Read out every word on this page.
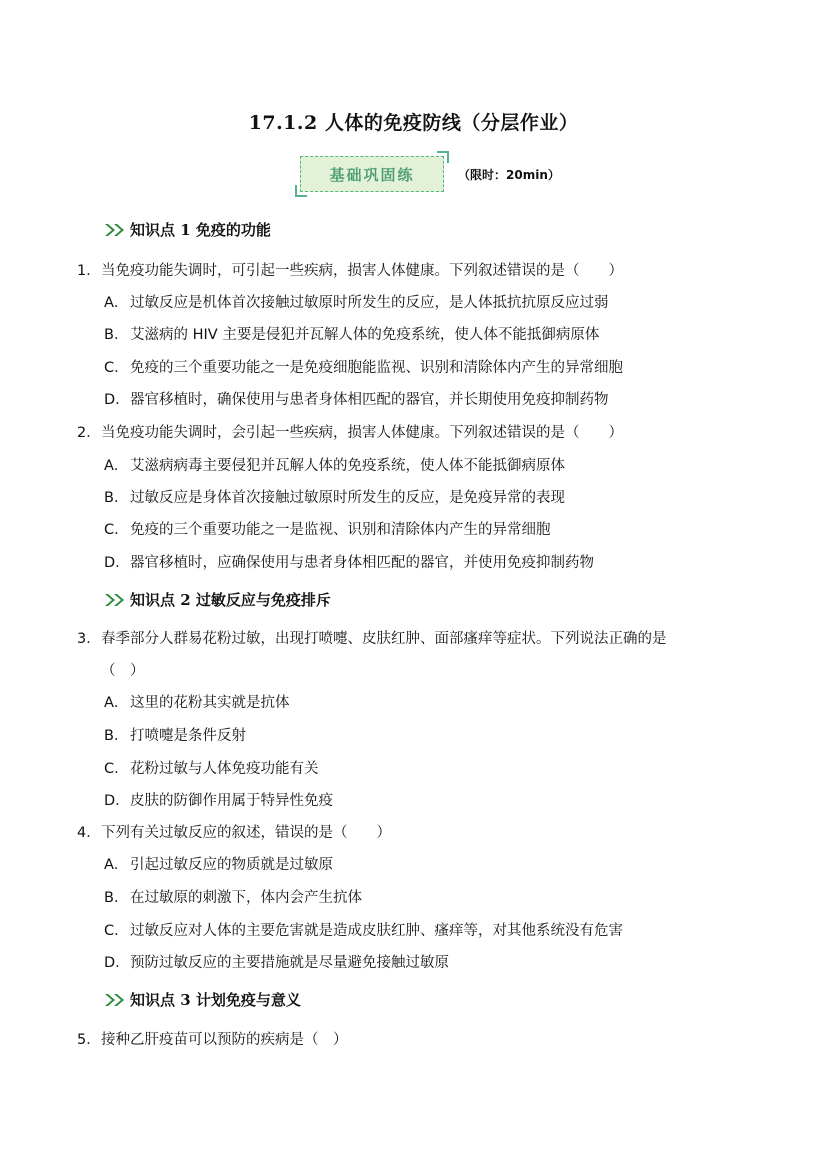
17.1.2 人体的免疫防线（分层作业）
基础巩固练	（限时：20min）
知识点 1 免疫的功能
1． 当免疫功能失调时，可引起一些疾病，损害人体健康。下列叙述错误的是（　　）
A． 过敏反应是机体首次接触过敏原时所发生的反应，是人体抵抗抗原反应过弱
B． 艾滋病的 HIV 主要是侵犯并瓦解人体的免疫系统，使人体不能抵御病原体
C．免疫的三个重要功能之一是免疫细胞能监视、识别和清除体内产生的异常细胞
D．器官移植时，确保使用与患者身体相匹配的器官，并长期使用免疫抑制药物
2． 当免疫功能失调时，会引起一些疾病，损害人体健康。下列叙述错误的是（　　）
A． 艾滋病病毒主要侵犯并瓦解人体的免疫系统，使人体不能抵御病原体
B． 过敏反应是身体首次接触过敏原时所发生的反应，是免疫异常的表现
C．免疫的三个重要功能之一是监视、识别和清除体内产生的异常细胞
D．器官移植时，应确保使用与患者身体相匹配的器官，并使用免疫抑制药物
知识点 2 过敏反应与免疫排斥
3． 春季部分人群易花粉过敏，出现打喷嚏、皮肤红肿、面部瘙痒等症状。下列说法正确的是
（　）
A． 这里的花粉其实就是抗体
B． 打喷嚏是条件反射
C．花粉过敏与人体免疫功能有关
D．皮肤的防御作用属于特异性免疫
4． 下列有关过敏反应的叙述，错误的是（　　）
A． 引起过敏反应的物质就是过敏原
B． 在过敏原的刺激下，体内会产生抗体
C．过敏反应对人体的主要危害就是造成皮肤红肿、瘙痒等，对其他系统没有危害
D．预防过敏反应的主要措施就是尽量避免接触过敏原
知识点 3 计划免疫与意义
5． 接种乙肝疫苗可以预防的疾病是（　）
